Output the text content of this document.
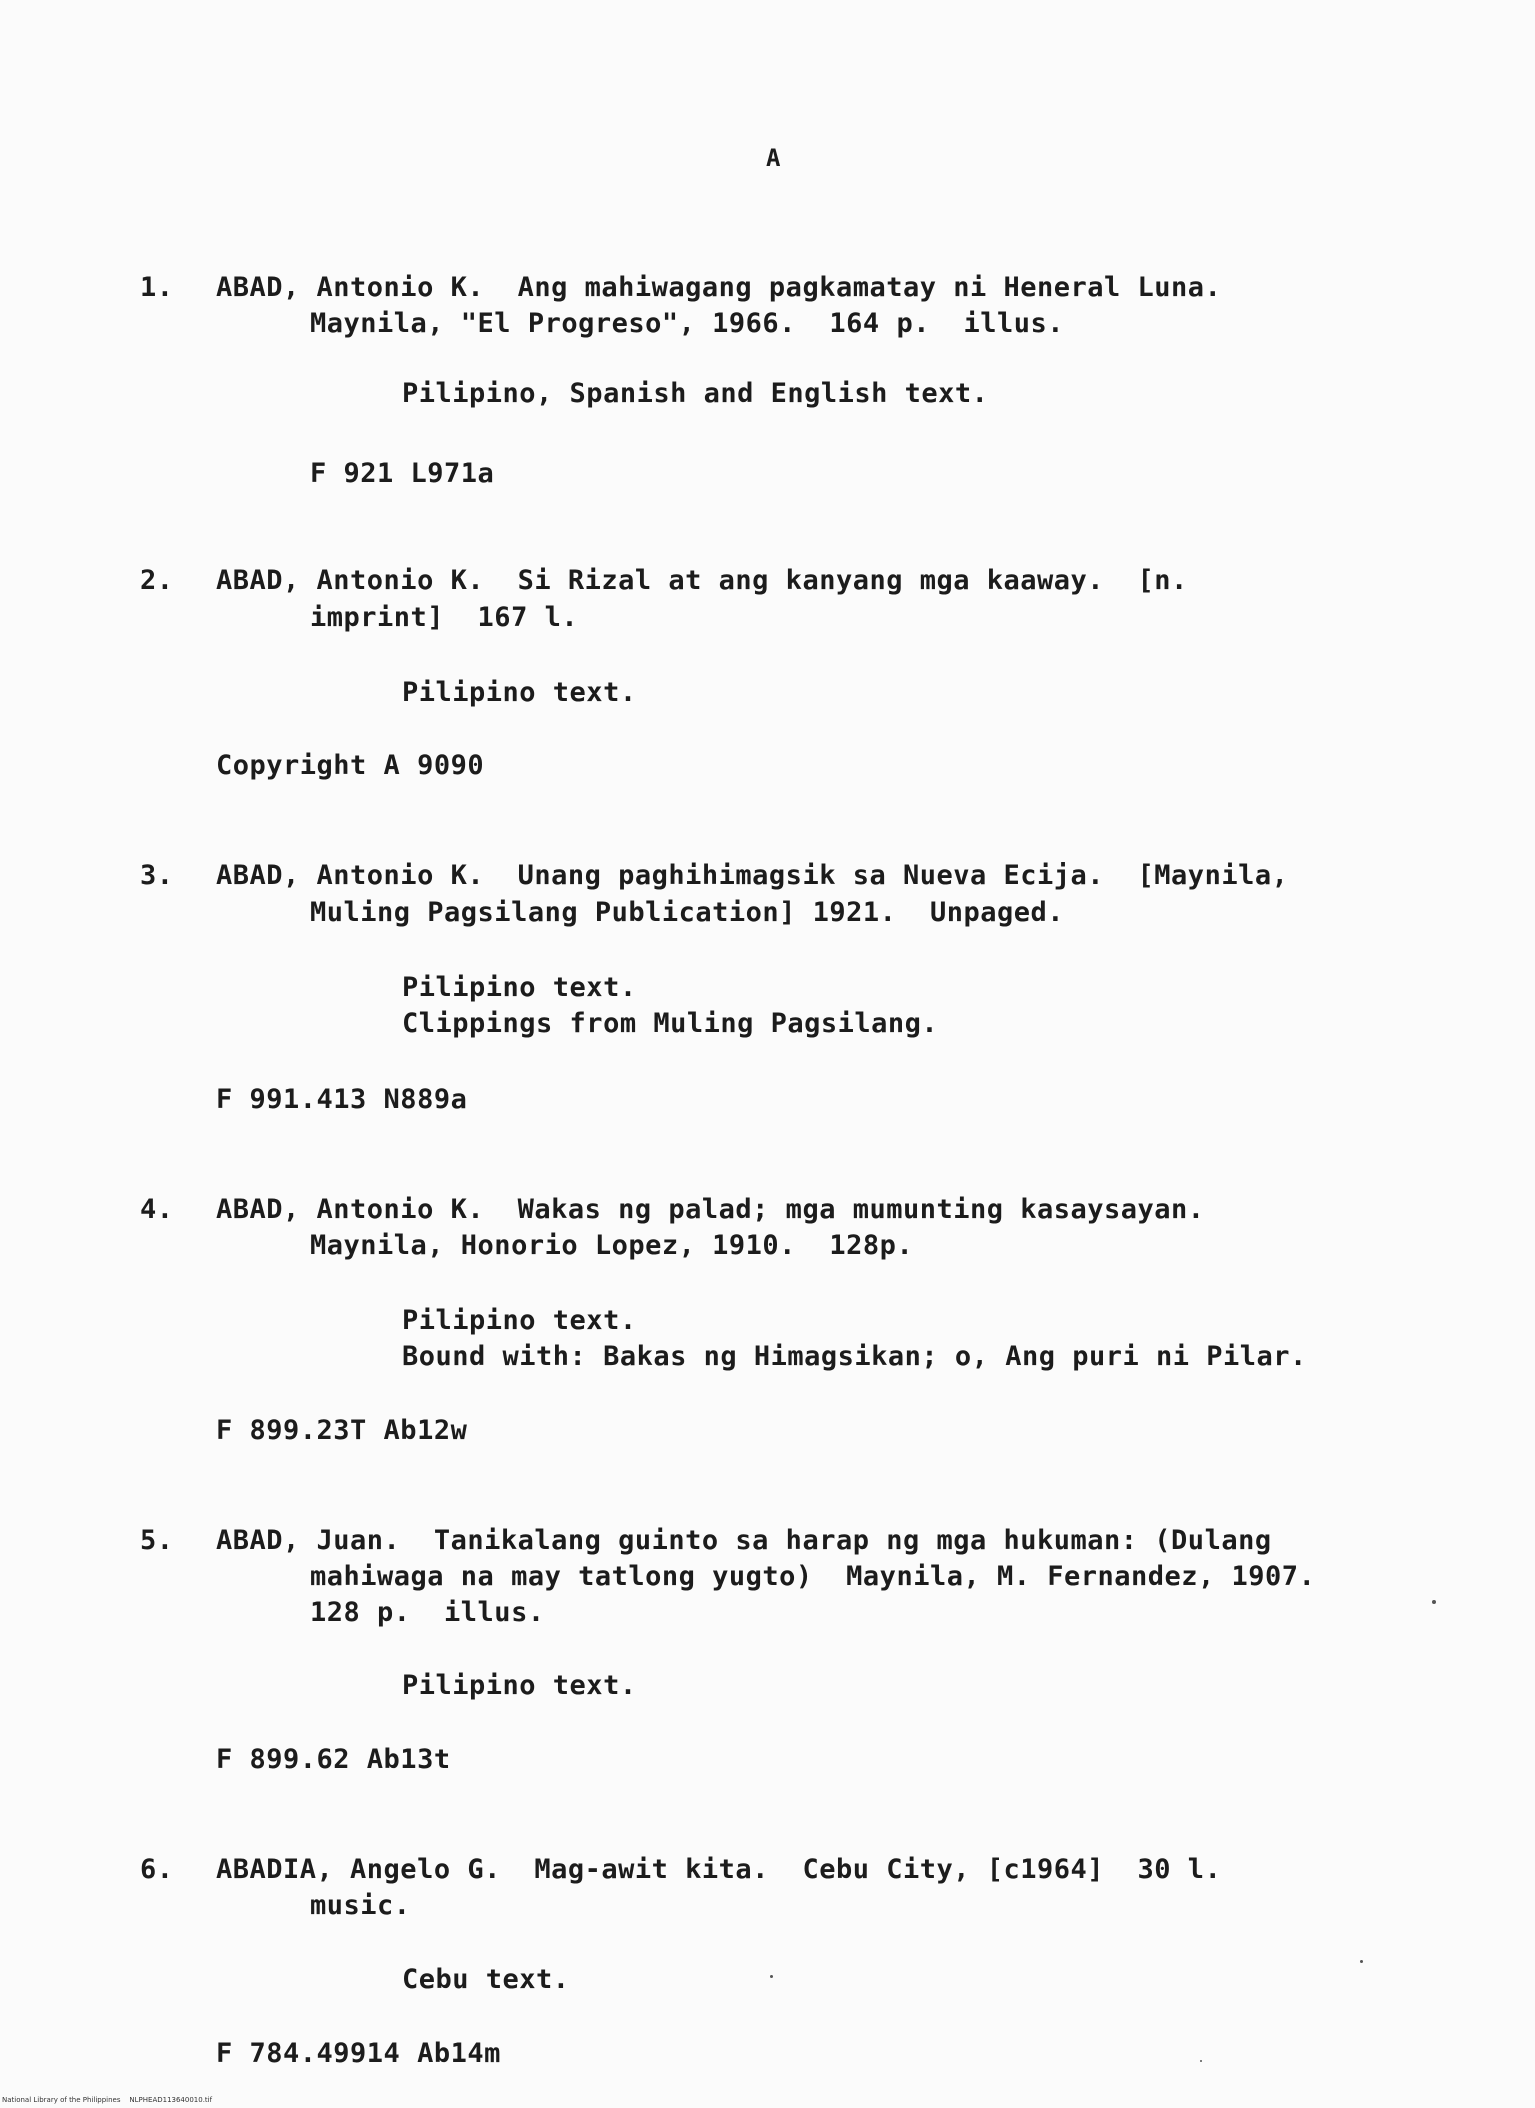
A
1. ABAD, Antonio K.  Ang mahiwagang pagkamatay ni Heneral Luna.
Maynila, "El Progreso", 1966.  164 p.  illus.
Pilipino, Spanish and English text.
F 921 L971a
2. ABAD, Antonio K.  Si Rizal at ang kanyang mga kaaway.  [n.
imprint]  167 l.
Pilipino text.
Copyright A 9090
3. ABAD, Antonio K.  Unang paghihimagsik sa Nueva Ecija.  [Maynila,
Muling Pagsilang Publication] 1921.  Unpaged.
Pilipino text.
Clippings from Muling Pagsilang.
F 991.413 N889a
4. ABAD, Antonio K.  Wakas ng palad; mga mumunting kasaysayan.
Maynila, Honorio Lopez, 1910.  128p.
Pilipino text.
Bound with: Bakas ng Himagsikan; o, Ang puri ni Pilar.
F 899.23T Ab12w
5. ABAD, Juan.  Tanikalang guinto sa harap ng mga hukuman: (Dulang
mahiwaga na may tatlong yugto)  Maynila, M. Fernandez, 1907.
128 p.  illus.
Pilipino text.
F 899.62 Ab13t
6. ABADIA, Angelo G.  Mag-awit kita.  Cebu City, [c1964]  30 l.
music.
Cebu text.
F 784.49914 Ab14m
National Library of the Philippines    NLPHEAD113640010.tif
